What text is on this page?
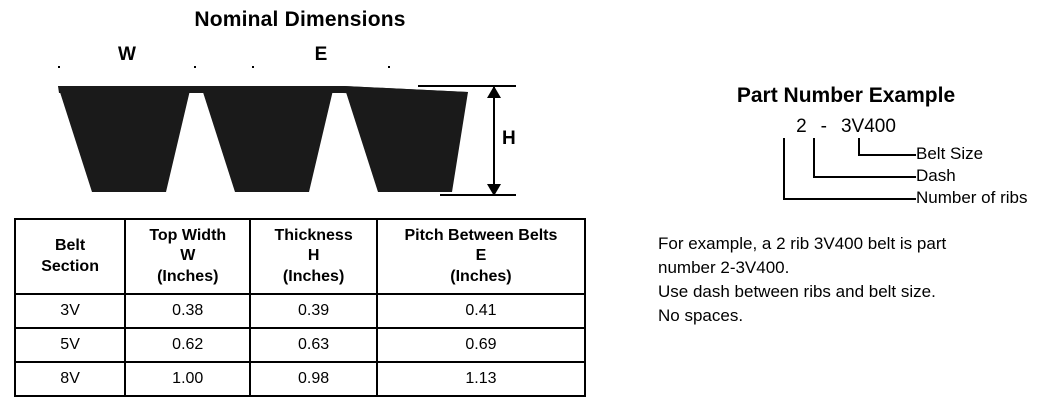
Nominal Dimensions
W	E
H
Belt
Section

Top Width
W
(Inches)

Thickness
H
(Inches)

Pitch Between Belts
E
(Inches)

3V	0.38	0.39	0.41
5V	0.62	0.63	0.69
8V	1.00	0.98	1.13
Part Number Example
2 - 3V400
Belt Size
Dash
Number of ribs

For example, a 2 rib 3V400 belt is part

number 2-3V400.

Use dash between ribs and belt size.

No spaces.
